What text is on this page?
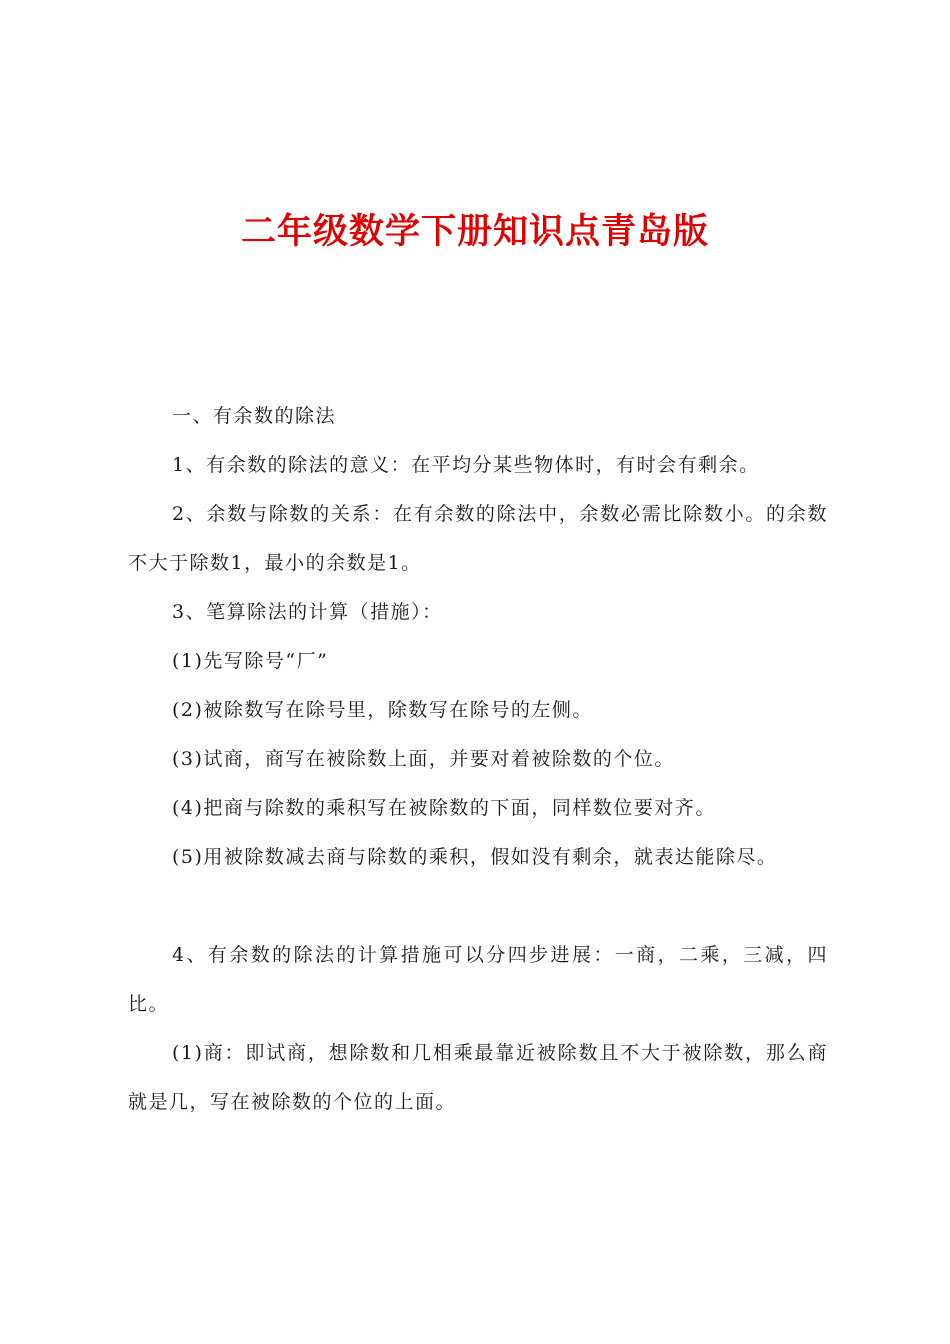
二年级数学下册知识点青岛版

一、有余数的除法

1、有余数的除法的意义：在平均分某些物体时，有时会有剩余。

2、余数与除数的关系：在有余数的除法中，余数必需比除数小。的余数不大于除数1，最小的余数是1。

3、笔算除法的计算（措施）：

(1)先写除号“厂”

(2)被除数写在除号里，除数写在除号的左侧。

(3)试商，商写在被除数上面，并要对着被除数的个位。

(4)把商与除数的乘积写在被除数的下面，同样数位要对齐。

(5)用被除数减去商与除数的乘积，假如没有剩余，就表达能除尽。

4、有余数的除法的计算措施可以分四步进展：一商，二乘，三减，四比。

(1)商：即试商，想除数和几相乘最靠近被除数且不大于被除数，那么商就是几，写在被除数的个位的上面。
